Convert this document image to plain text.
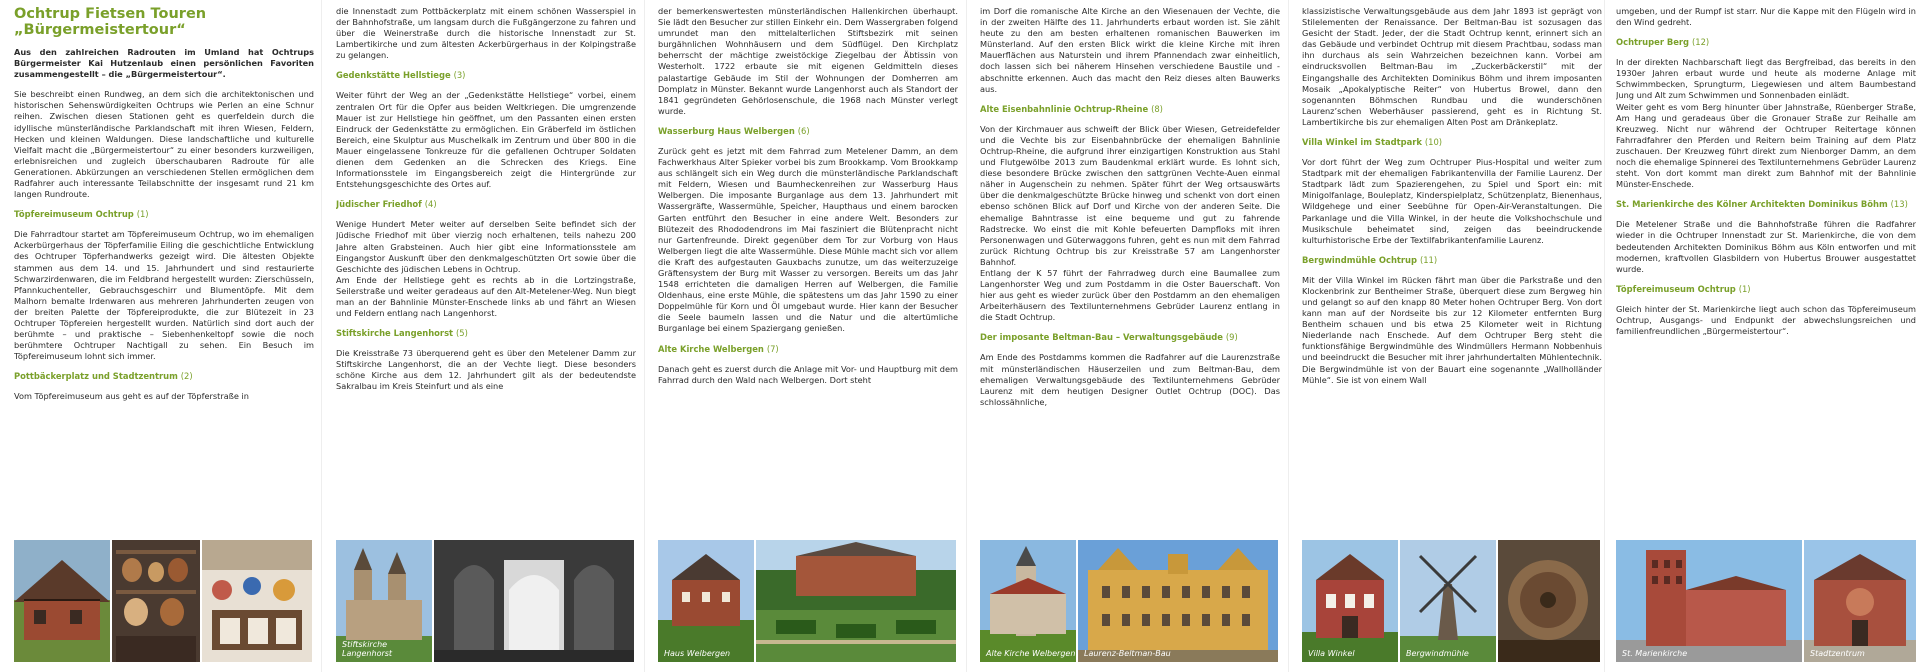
Ochtrup Fietsen Touren
„Bürgermeistertour“

Aus den zahlreichen Radrouten im Umland hat Ochtrups Bürgermeister Kai Hutzenlaub einen persönlichen Favoriten zusammengestellt – die „Bürgermeistertour“.

Sie beschreibt einen Rundweg, an dem sich die architektonischen und historischen Sehenswürdigkeiten Ochtrups wie Perlen an eine Schnur reihen. Zwischen diesen Stationen geht es querfeldein durch die idyllische münsterländische Parklandschaft mit ihren Wiesen, Feldern, Hecken und kleinen Waldungen. Diese landschaftliche und kulturelle Vielfalt macht die „Bürgermeistertour“ zu einer besonders kurzweiligen, erlebnisreichen und zugleich überschaubaren Radroute für alle Generationen. Abkürzungen an verschiedenen Stellen ermöglichen dem Radfahrer auch interessante Teilabschnitte der insgesamt rund 21 km langen Rundroute.

Töpfereimuseum Ochtrup (1)

Die Fahrradtour startet am Töpfereimuseum Ochtrup, wo im ehemaligen Ackerbürgerhaus der Töpferfamilie Eiling die geschichtliche Entwicklung des Ochtruper Töpferhandwerks gezeigt wird. Die ältesten Objekte stammen aus dem 14. und 15. Jahrhundert und sind restaurierte Schwarzirdenwaren, die im Feldbrand hergestellt wurden: Zierschüsseln, Pfannkuchenteller, Gebrauchsgeschirr und Blumentöpfe. Mit dem Malhorn bemalte Irdenwaren aus mehreren Jahrhunderten zeugen von der breiten Palette der Töpfereiprodukte, die zur Blütezeit in 23 Ochtruper Töpfereien hergestellt wurden. Natürlich sind dort auch der berühmte – und praktische – Siebenhenkeltopf sowie die noch berühmtere Ochtruper Nachtigall zu sehen. Ein Besuch im Töpfereimuseum lohnt sich immer.

Pottbäckerplatz und Stadtzentrum (2)

Vom Töpfereimuseum aus geht es auf der Töpferstraße in

die Innenstadt zum Pottbäckerplatz mit einem schönen Wasserspiel in der Bahnhofstraße, um langsam durch die Fußgängerzone zu fahren und über die Weinerstraße durch die historische Innenstadt zur St. Lambertikirche und zum ältesten Ackerbürgerhaus in der Kolpingstraße zu gelangen.

Gedenkstätte Hellstiege (3)

Weiter führt der Weg an der „Gedenkstätte Hellstiege“ vorbei, einem zentralen Ort für die Opfer aus beiden Weltkriegen. Die umgrenzende Mauer ist zur Hellstiege hin geöffnet, um den Passanten einen ersten Eindruck der Gedenkstätte zu ermöglichen. Ein Gräberfeld im östlichen Bereich, eine Skulptur aus Muschelkalk im Zentrum und über 800 in die Mauer eingelassene Tonkreuze für die gefallenen Ochtruper Soldaten dienen dem Gedenken an die Schrecken des Kriegs. Eine Informationsstele im Eingangsbereich zeigt die Hintergründe zur Entstehungsgeschichte des Ortes auf.

Jüdischer Friedhof (4)

Wenige Hundert Meter weiter auf derselben Seite befindet sich der Jüdische Friedhof mit über vierzig noch erhaltenen, teils nahezu 200 Jahre alten Grabsteinen. Auch hier gibt eine Informationsstele am Eingangstor Auskunft über den denkmalgeschützten Ort sowie über die Geschichte des jüdischen Lebens in Ochtrup.
Am Ende der Hellstiege geht es rechts ab in die Lortzingstraße, Seilerstraße und weiter geradeaus auf den Alt-Metelener-Weg. Nun biegt man an der Bahnlinie Münster-Enschede links ab und fährt an Wiesen und Feldern entlang nach Langenhorst.

Stiftskirche Langenhorst (5)

Die Kreisstraße 73 überquerend geht es über den Metelener Damm zur Stiftskirche Langenhorst, die an der Vechte liegt. Diese besonders schöne Kirche aus dem 12. Jahrhundert gilt als der bedeutendste Sakralbau im Kreis Steinfurt und als eine

Stiftskirche Langenhorst

der bemerkenswertesten münsterländischen Hallenkirchen überhaupt. Sie lädt den Besucher zur stillen Einkehr ein. Dem Wassergraben folgend umrundet man den mittelalterlichen Stiftsbezirk mit seinen burgähnlichen Wohnhäusern und dem Südflügel. Den Kirchplatz beherrscht der mächtige zweistöckige Ziegelbau der Äbtissin von Westerholt. 1722 erbaute sie mit eigenen Geldmitteln dieses palastartige Gebäude im Stil der Wohnungen der Domherren am Domplatz in Münster. Bekannt wurde Langenhorst auch als Standort der 1841 gegründeten Gehörlosenschule, die 1968 nach Münster verlegt wurde.

Wasserburg Haus Welbergen (6)

Zurück geht es jetzt mit dem Fahrrad zum Metelener Damm, an dem Fachwerkhaus Alter Spieker vorbei bis zum Brookkamp. Vom Brookkamp aus schlängelt sich ein Weg durch die münsterländische Parklandschaft mit Feldern, Wiesen und Baumheckenreihen zur Wasserburg Haus Welbergen. Die imposante Burganlage aus dem 13. Jahrhundert mit Wassergräfte, Wassermühle, Speicher, Haupthaus und einem barocken Garten entführt den Besucher in eine andere Welt. Besonders zur Blütezeit des Rhododendrons im Mai fasziniert die Blütenpracht nicht nur Gartenfreunde. Direkt gegenüber dem Tor zur Vorburg von Haus Welbergen liegt die alte Wassermühle. Diese Mühle macht sich vor allem die Kraft des aufgestauten Gauxbachs zunutze, um das weiterzuzeige Gräftensystem der Burg mit Wasser zu versorgen. Bereits um das Jahr 1548 errichteten die damaligen Herren auf Welbergen, die Familie Oldenhaus, eine erste Mühle, die spätestens um das Jahr 1590 zu einer Doppelmühle für Korn und Öl umgebaut wurde. Hier kann der Besucher die Seele baumeln lassen und die Natur und die altertümliche Burganlage bei einem Spaziergang genießen.

Alte Kirche Welbergen (7)

Danach geht es zuerst durch die Anlage mit Vor- und Hauptburg mit dem Fahrrad durch den Wald nach Welbergen. Dort steht

Haus Welbergen

im Dorf die romanische Alte Kirche an den Wiesenauen der Vechte, die in der zweiten Hälfte des 11. Jahrhunderts erbaut worden ist. Sie zählt heute zu den am besten erhaltenen romanischen Bauwerken im Münsterland. Auf den ersten Blick wirkt die kleine Kirche mit ihren Mauerflächen aus Naturstein und ihrem Pfannendach zwar einheitlich, doch lassen sich bei näherem Hinsehen verschiedene Baustile und -abschnitte erkennen. Auch das macht den Reiz dieses alten Bauwerks aus.

Alte Eisenbahnlinie Ochtrup-Rheine (8)

Von der Kirchmauer aus schweift der Blick über Wiesen, Getreidefelder und die Vechte bis zur Eisenbahnbrücke der ehemaligen Bahnlinie Ochtrup-Rheine, die aufgrund ihrer einzigartigen Konstruktion aus Stahl und Flutgewölbe 2013 zum Baudenkmal erklärt wurde. Es lohnt sich, diese besondere Brücke zwischen den sattgrünen Vechte-Auen einmal näher in Augenschein zu nehmen. Später führt der Weg ortsauswärts über die denkmalgeschützte Brücke hinweg und schenkt von dort einen ebenso schönen Blick auf Dorf und Kirche von der anderen Seite. Die ehemalige Bahntrasse ist eine bequeme und gut zu fahrende Radstrecke. Wo einst die mit Kohle befeuerten Dampfloks mit ihren Personenwagen und Güterwaggons fuhren, geht es nun mit dem Fahrrad zurück Richtung Ochtrup bis zur Kreisstraße 57 am Langenhorster Bahnhof.
Entlang der K 57 führt der Fahrradweg durch eine Baumallee zum Langenhorster Weg und zum Postdamm in die Oster Bauerschaft. Von hier aus geht es wieder zurück über den Postdamm an den ehemaligen Arbeiterhäusern des Textilunternehmens Gebrüder Laurenz entlang in die Stadt Ochtrup.

Der imposante Beltman-Bau – Verwaltungsgebäude (9)

Am Ende des Postdamms kommen die Radfahrer auf die Laurenzstraße mit münsterländischen Häuserzeilen und zum Beltman-Bau, dem ehemaligen Verwaltungsgebäude des Textilunternehmens Gebrüder Laurenz mit dem heutigen Designer Outlet Ochtrup (DOC). Das schlossähnliche,

Alte Kirche Welbergen Laurenz-Beltman-Bau

klassizistische Verwaltungsgebäude aus dem Jahr 1893 ist geprägt von Stilelementen der Renaissance. Der Beltman-Bau ist sozusagen das Gesicht der Stadt. Jeder, der die Stadt Ochtrup kennt, erinnert sich an das Gebäude und verbindet Ochtrup mit diesem Prachtbau, sodass man ihn durchaus als sein Wahrzeichen bezeichnen kann. Vorbei am eindrucksvollen Beltman-Bau im „Zuckerbäckerstil“ mit der Eingangshalle des Architekten Dominikus Böhm und ihrem imposanten Mosaik „Apokalyptische Reiter“ von Hubertus Browel, dann den sogenannten Böhmschen Rundbau und die wunderschönen Laurenz’schen Weberhäuser passierend, geht es in Richtung St. Lambertikirche bis zur ehemaligen Alten Post am Dränkeplatz.

Villa Winkel im Stadtpark (10)

Vor dort führt der Weg zum Ochtruper Pius-Hospital und weiter zum Stadtpark mit der ehemaligen Fabrikantenvilla der Familie Laurenz. Der Stadtpark lädt zum Spazierengehen, zu Spiel und Sport ein: mit Minigolfanlage, Bouleplatz, Kinderspielplatz, Schützenplatz, Bienenhaus, Wildgehege und einer Seebühne für Open-Air-Veranstaltungen. Die Parkanlage und die Villa Winkel, in der heute die Volkshochschule und Musikschule beheimatet sind, zeigen das beeindruckende kulturhistorische Erbe der Textilfabrikantenfamilie Laurenz.

Bergwindmühle Ochtrup (11)

Mit der Villa Winkel im Rücken fährt man über die Parkstraße und den Klockenbrink zur Bentheimer Straße, überquert diese zum Bergweg hin und gelangt so auf den knapp 80 Meter hohen Ochtruper Berg. Von dort kann man auf der Nordseite bis zur 12 Kilometer entfernten Burg Bentheim schauen und bis etwa 25 Kilometer weit in Richtung Niederlande nach Enschede. Auf dem Ochtruper Berg steht die funktionsfähige Bergwindmühle des Windmüllers Hermann Nobbenhuis und beeindruckt die Besucher mit ihrer jahrhundertalten Mühlentechnik. Die Bergwindmühle ist von der Bauart eine sogenannte „Wallholländer Mühle“. Sie ist von einem Wall

Villa Winkel	Bergwindmühle

umgeben, und der Rumpf ist starr. Nur die Kappe mit den Flügeln wird in den Wind gedreht.

Ochtruper Berg (12)

In der direkten Nachbarschaft liegt das Bergfreibad, das bereits in den 1930er Jahren erbaut wurde und heute als moderne Anlage mit Schwimmbecken, Sprungturm, Liegewiesen und altem Baumbestand Jung und Alt zum Schwimmen und Sonnenbaden einlädt.
Weiter geht es vom Berg hinunter über Jahnstraße, Rüenberger Straße, Am Hang und geradeaus über die Gronauer Straße zur Reihalle am Kreuzweg. Nicht nur während der Ochtruper Reitertage können Fahrradfahrer den Pferden und Reitern beim Training auf dem Platz zuschauen. Der Kreuzweg führt direkt zum Nienborger Damm, an dem noch die ehemalige Spinnerei des Textilunternehmens Gebrüder Laurenz steht. Von dort kommt man direkt zum Bahnhof mit der Bahnlinie Münster-Enschede.

St. Marienkirche des Kölner Architekten Dominikus Böhm (13)

Die Metelener Straße und die Bahnhofstraße führen die Radfahrer wieder in die Ochtruper Innenstadt zur St. Marienkirche, die von dem bedeutenden Architekten Dominikus Böhm aus Köln entworfen und mit modernen, kraftvollen Glasbildern von Hubertus Brouwer ausgestattet wurde.

Töpfereimuseum Ochtrup (1)

Gleich hinter der St. Marienkirche liegt auch schon das Töpfereimuseum Ochtrup, Ausgangs- und Endpunkt der abwechslungsreichen und familienfreundlichen „Bürgermeistertour“.

St. Marienkirche	Stadtzentrum
